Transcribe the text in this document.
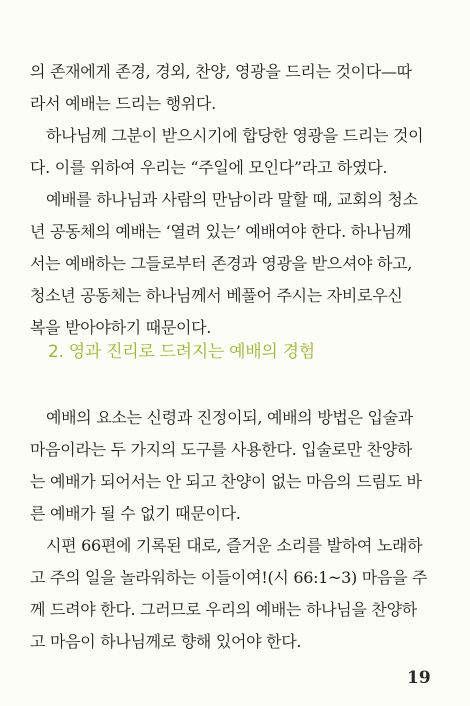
의 존재에게 존경, 경외, 찬양, 영광을 드리는 것이다—따
라서 예배는 드리는 행위다.
하나님께 그분이 받으시기에 합당한 영광을 드리는 것이
다. 이를 위하여 우리는 “주일에 모인다”라고 하였다.
예배를 하나님과 사람의 만남이라 말할 때, 교회의 청소
년 공동체의 예배는 ‘열려 있는’ 예배여야 한다. 하나님께
서는 예배하는 그들로부터 존경과 영광을 받으셔야 하고,
청소년 공동체는 하나님께서 베풀어 주시는 자비로우신
복을 받아야하기 때문이다.
2. 영과 진리로 드려지는 예배의 경험
예배의 요소는 신령과 진정이되, 예배의 방법은 입술과
마음이라는 두 가지의 도구를 사용한다. 입술로만 찬양하
는 예배가 되어서는 안 되고 찬양이 없는 마음의 드림도 바
른 예배가 될 수 없기 때문이다.
시편 66편에 기록된 대로, 즐거운 소리를 발하여 노래하
고 주의 일을 놀라워하는 이들이여!(시 66:1~3) 마음을 주
께 드려야 한다. 그러므로 우리의 예배는 하나님을 찬양하
고 마음이 하나님께로 향해 있어야 한다.
19
